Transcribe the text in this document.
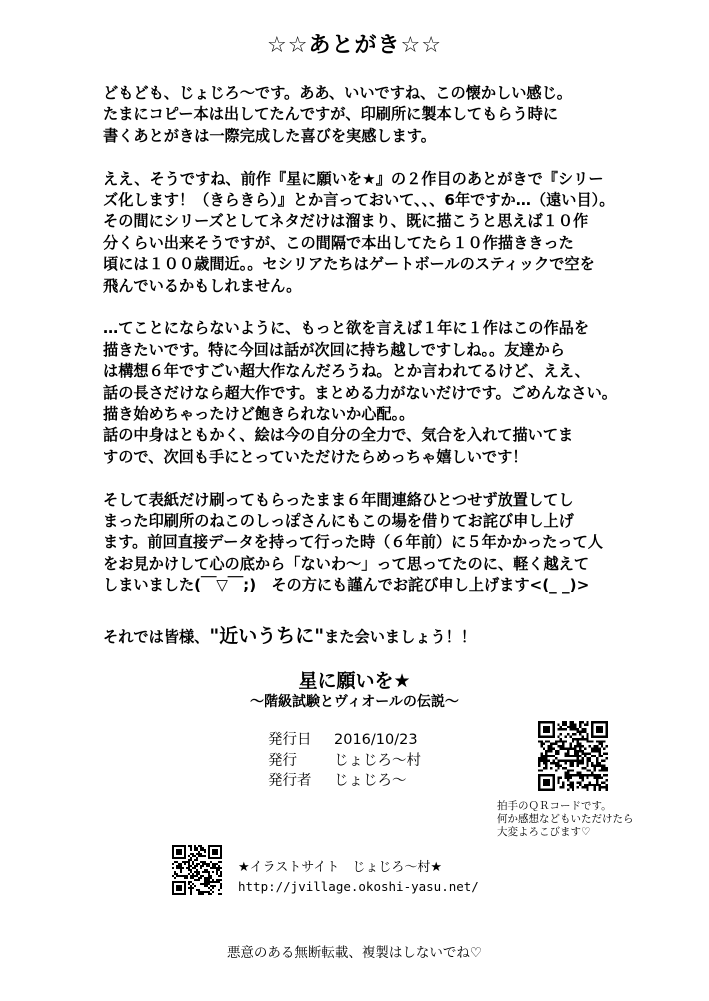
☆☆あとがき☆☆
どもども、じょじろ～です。ああ、いいですね、この懐かしい感じ。
たまにコピー本は出してたんですが、印刷所に製本してもらう時に
書くあとがきは一際完成した喜びを実感します。
ええ、そうですね、前作『星に願いを★』の２作目のあとがきで『シリー
ズ化します！（きらきら）』とか言っておいて、、、6年ですか…（遠い目）。
その間にシリーズとしてネタだけは溜まり、既に描こうと思えば１０作
分くらい出来そうですが、この間隔で本出してたら１０作描ききった
頃には１００歳間近。。セシリアたちはゲートボールのスティックで空を
飛んでいるかもしれません。
…てことにならないように、もっと欲を言えば１年に１作はこの作品を
描きたいです。特に今回は話が次回に持ち越しですしね。。友達から
は構想６年ですごい超大作なんだろうね。とか言われてるけど、ええ、
話の長さだけなら超大作です。まとめる力がないだけです。ごめんなさい。
描き始めちゃったけど飽きられないか心配。。
話の中身はともかく、絵は今の自分の全力で、気合を入れて描いてま
すので、次回も手にとっていただけたらめっちゃ嬉しいです！
そして表紙だけ刷ってもらったまま６年間連絡ひとつせず放置してし
まった印刷所のねこのしっぽさんにもこの場を借りてお詫び申し上げ
ます。前回直接データを持って行った時（６年前）に５年かかったって人
をお見かけして心の底から「ないわ～」って思ってたのに、軽く越えて
しまいました(￣▽￣;)　その方にも謹んでお詫び申し上げます<(_ _)>
それでは皆様、"近いうちに"また会いましょう！！
星に願いを★
～階級試験とヴィオールの伝説～
発行日 2016/10/23
発行	じょじろ～村
発行者 じょじろ～
拍手のＱＲコードです。
何か感想などもいただけたら
大変よろこびます♡
★イラストサイト　じょじろ～村★
http://jvillage.okoshi-yasu.net/
悪意のある無断転載、複製はしないでね♡
